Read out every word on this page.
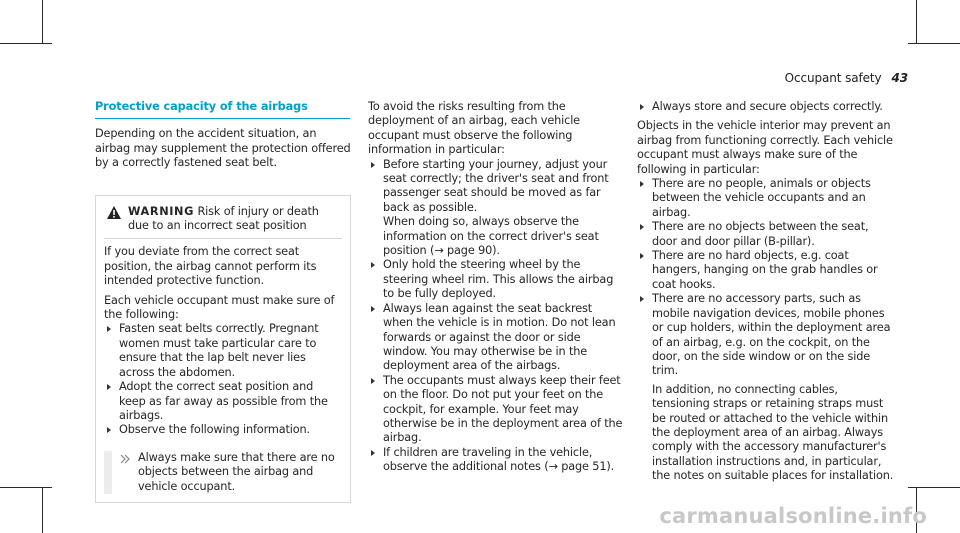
Occupant safety 43
Protective capacity of the airbags

Depending on the accident situation, an airbag may supplement the protection offered by a correctly fastened seat belt.

WARNING Risk of injury or death due to an incorrect seat position

If you deviate from the correct seat position, the airbag cannot perform its intended protective function.

Each vehicle occupant must make sure of the following:

Fasten seat belts correctly. Pregnant women must take particular care to ensure that the lap belt never lies across the abdomen.
Adopt the correct seat position and keep as far away as possible from the airbags.
Observe the following information.

Always make sure that there are no objects between the airbag and vehicle occupant.

To avoid the risks resulting from the deployment of an airbag, each vehicle occupant must observe the following information in particular:

Before starting your journey, adjust your seat correctly; the driver's seat and front passenger seat should be moved as far back as possible.
When doing so, always observe the information on the correct driver's seat position (→ page 90).
Only hold the steering wheel by the steering wheel rim. This allows the airbag to be fully deployed.
Always lean against the seat backrest when the vehicle is in motion. Do not lean forwards or against the door or side window. You may otherwise be in the deployment area of the airbags.
The occupants must always keep their feet on the floor. Do not put your feet on the cockpit, for example. Your feet may otherwise be in the deployment area of the airbag.
If children are traveling in the vehicle, observe the additional notes (→ page 51).
Always store and secure objects correctly.

Objects in the vehicle interior may prevent an airbag from functioning correctly. Each vehicle occupant must always make sure of the following in particular:

There are no people, animals or objects between the vehicle occupants and an airbag.
There are no objects between the seat, door and door pillar (B-pillar).
There are no hard objects, e.g. coat hangers, hanging on the grab handles or coat hooks.
There are no accessory parts, such as mobile navigation devices, mobile phones or cup holders, within the deployment area of an airbag, e.g. on the cockpit, on the door, on the side window or on the side trim.
In addition, no connecting cables, tensioning straps or retaining straps must be routed or attached to the vehicle within the deployment area of an airbag. Always comply with the accessory manufacturer's installation instructions and, in particular, the notes on suitable places for installation.
carmanualsonline.info
